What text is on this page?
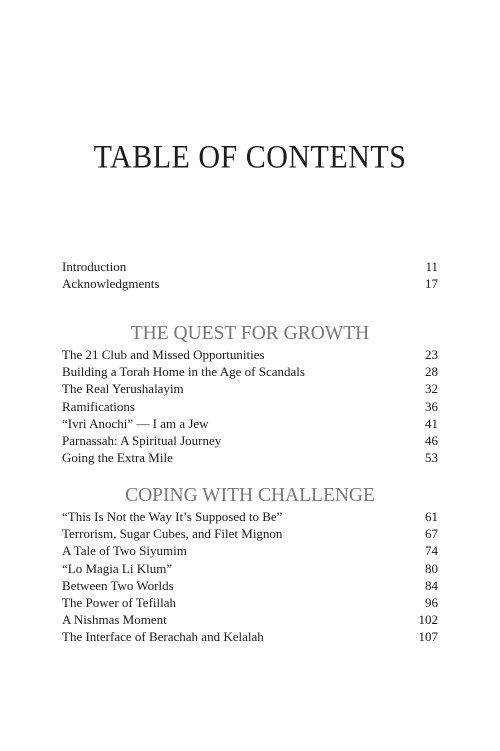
TABLE OF CONTENTS
Introduction	11
Acknowledgments	17
THE QUEST FOR GROWTH
The 21 Club and Missed Opportunities	23
Building a Torah Home in the Age of Scandals	28
The Real Yerushalayim	32
Ramifications	36
“Ivri Anochi” — I am a Jew	41
Parnassah: A Spiritual Journey	46
Going the Extra Mile	53
COPING WITH CHALLENGE
“This Is Not the Way It’s Supposed to Be”	61
Terrorism, Sugar Cubes, and Filet Mignon	67
A Tale of Two Siyumim	74
“Lo Magia Li Klum”	80
Between Two Worlds	84
The Power of Tefillah	96
A Nishmas Moment	102
The Interface of Berachah and Kelalah	107
